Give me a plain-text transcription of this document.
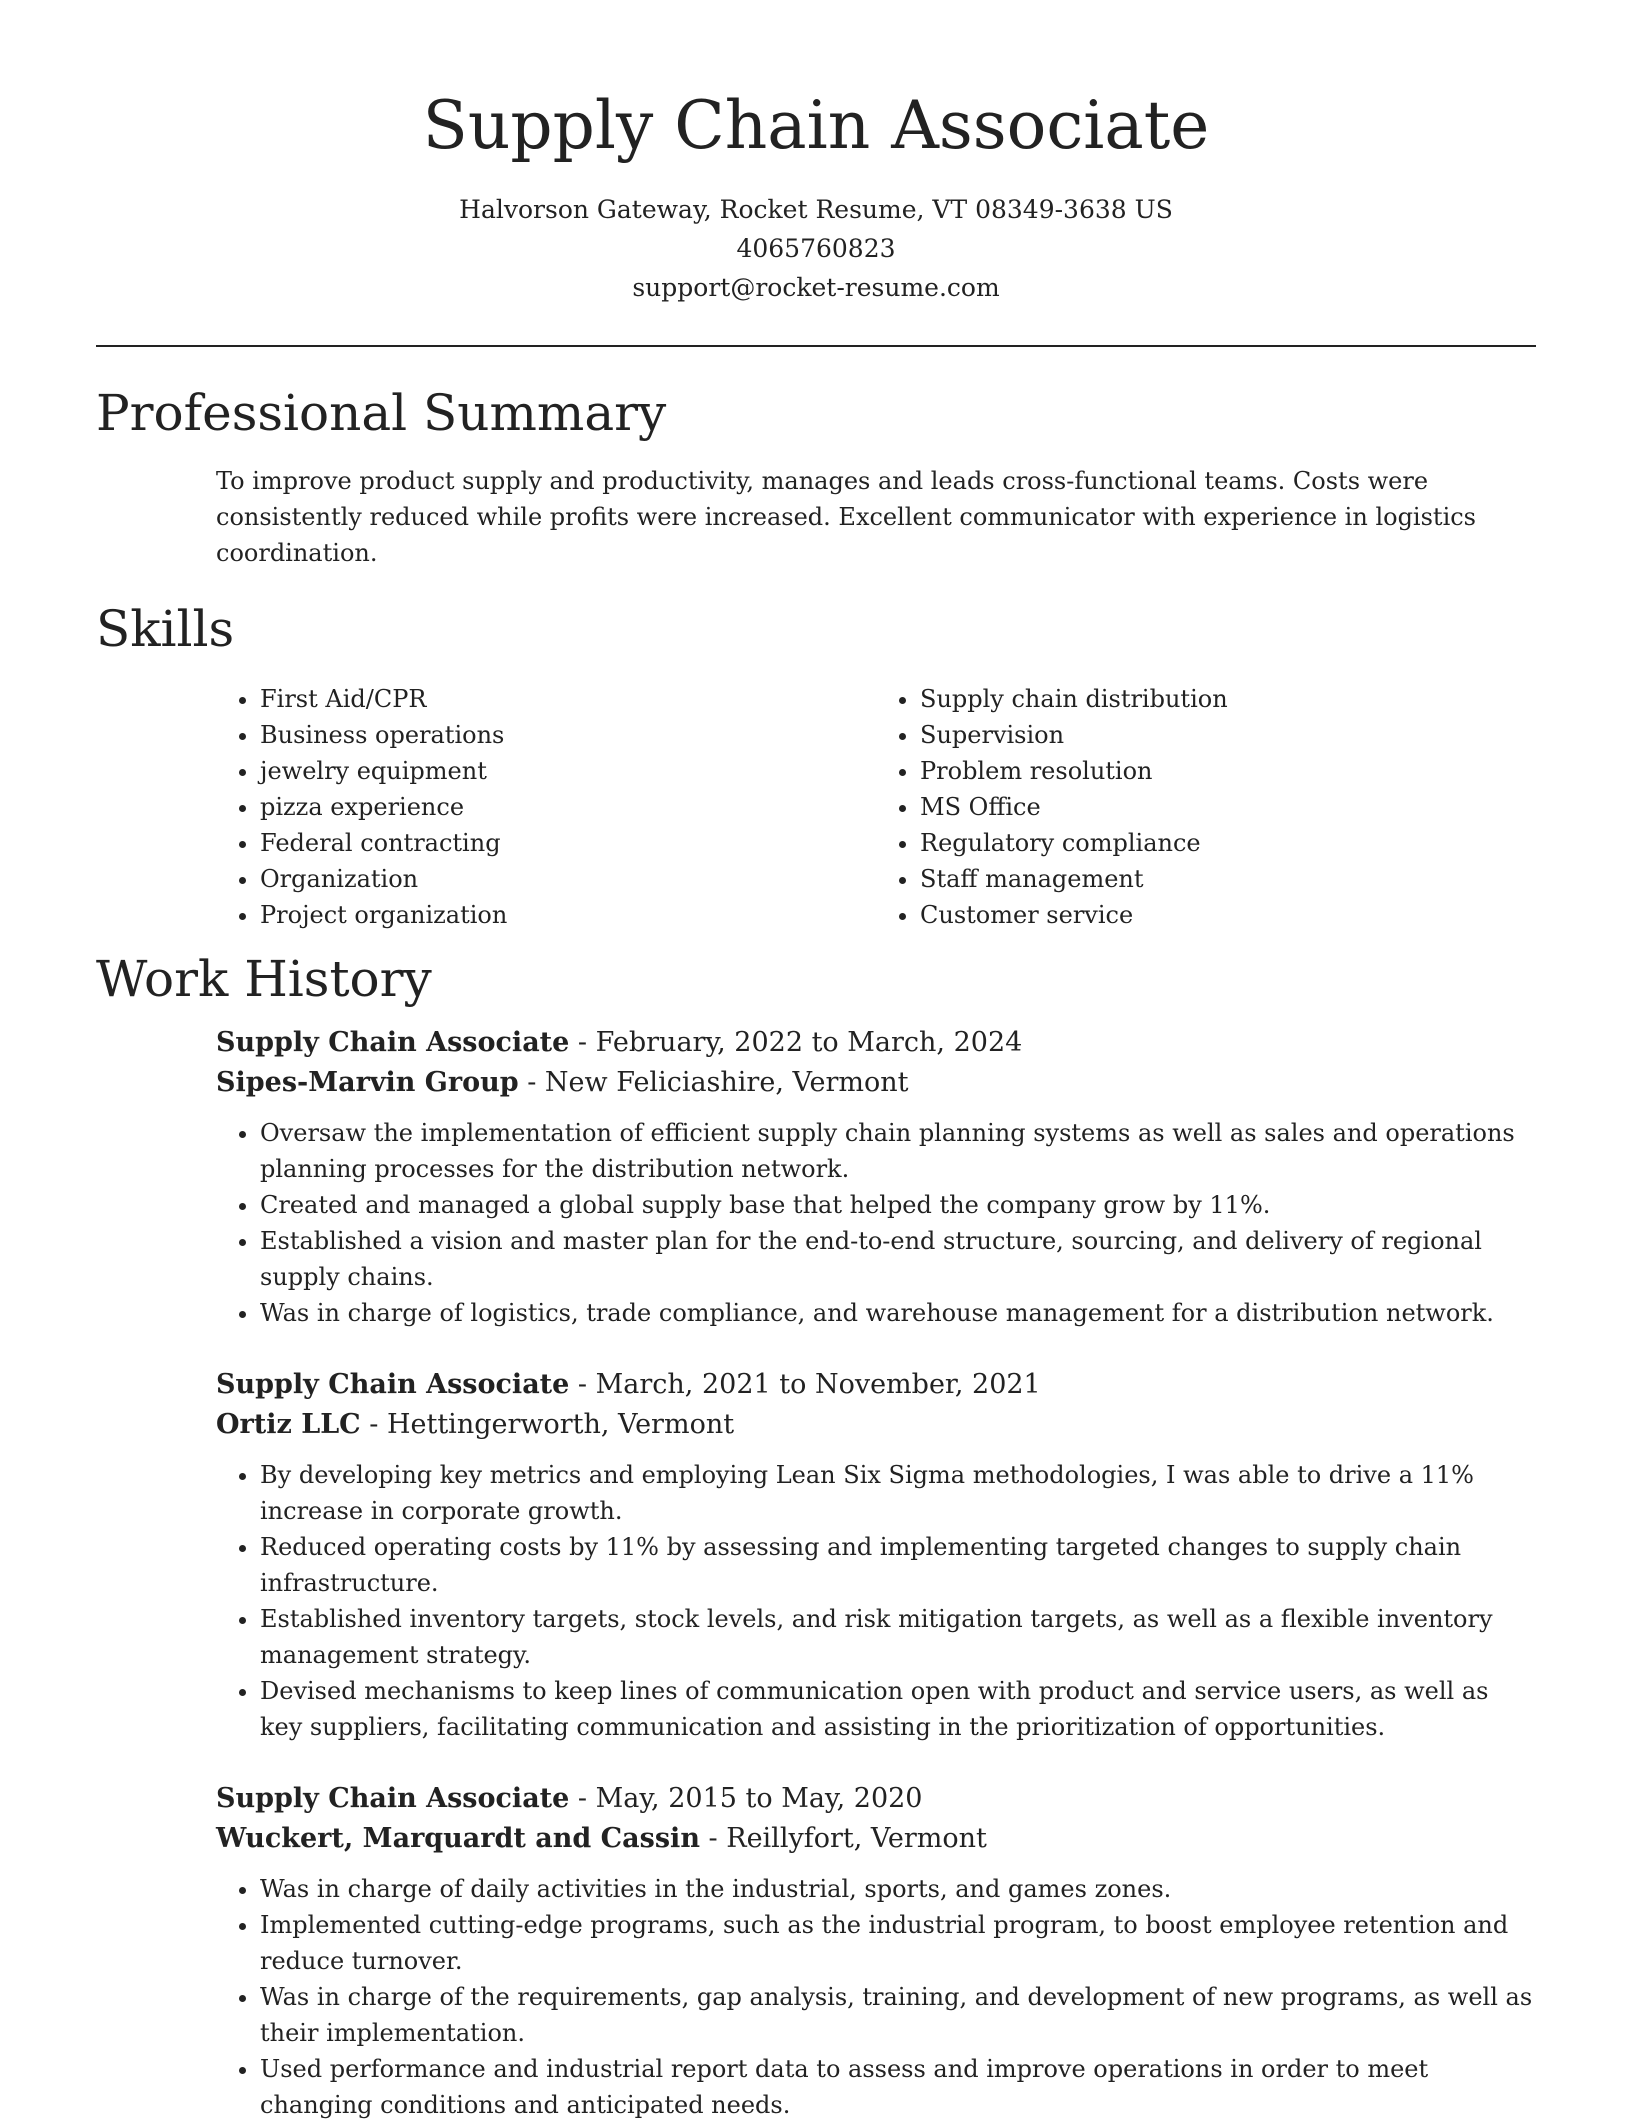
Supply Chain Associate
Halvorson Gateway, Rocket Resume, VT 08349-3638 US
4065760823
support@rocket-resume.com
Professional Summary

To improve product supply and productivity, manages and leads cross-functional teams. Costs were consistently reduced while profits were increased. Excellent communicator with experience in logistics coordination.

Skills
• First Aid/CPR
• Business operations
• jewelry equipment
• pizza experience
• Federal contracting
• Organization
• Project organization
• Supply chain distribution
• Supervision
• Problem resolution
• MS Office
• Regulatory compliance
• Staff management
• Customer service
Work History
Supply Chain Associate - February, 2022 to March, 2024
Sipes-Marvin Group - New Feliciashire, Vermont
• Oversaw the implementation of efficient supply chain planning systems as well as sales and operations planning processes for the distribution network.
• Created and managed a global supply base that helped the company grow by 11%.
• Established a vision and master plan for the end-to-end structure, sourcing, and delivery of regional supply chains.
• Was in charge of logistics, trade compliance, and warehouse management for a distribution network.
Supply Chain Associate - March, 2021 to November, 2021
Ortiz LLC - Hettingerworth, Vermont
• By developing key metrics and employing Lean Six Sigma methodologies, I was able to drive a 11% increase in corporate growth.
• Reduced operating costs by 11% by assessing and implementing targeted changes to supply chain infrastructure.
• Established inventory targets, stock levels, and risk mitigation targets, as well as a flexible inventory management strategy.
• Devised mechanisms to keep lines of communication open with product and service users, as well as key suppliers, facilitating communication and assisting in the prioritization of opportunities.
Supply Chain Associate - May, 2015 to May, 2020
Wuckert, Marquardt and Cassin - Reillyfort, Vermont
• Was in charge of daily activities in the industrial, sports, and games zones.
• Implemented cutting-edge programs, such as the industrial program, to boost employee retention and reduce turnover.
• Was in charge of the requirements, gap analysis, training, and development of new programs, as well as their implementation.
• Used performance and industrial report data to assess and improve operations in order to meet changing conditions and anticipated needs.
